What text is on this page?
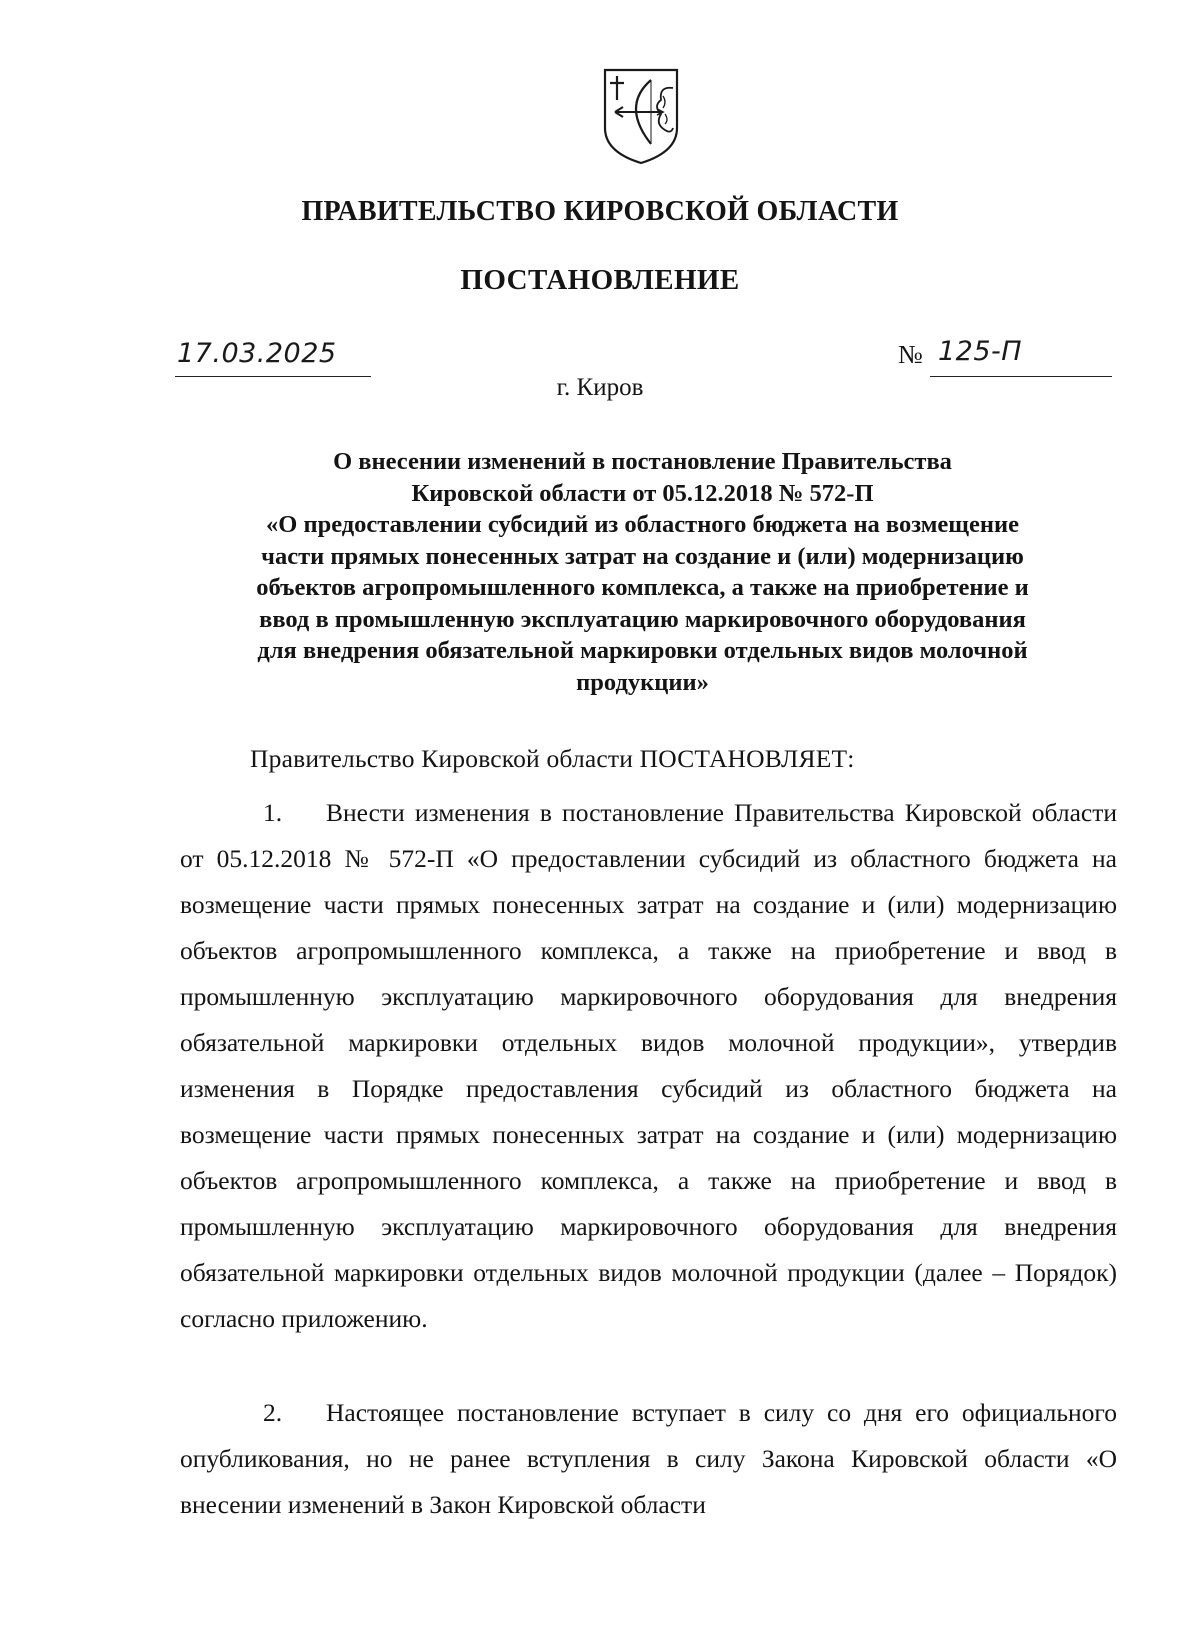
ПРАВИТЕЛЬСТВО КИРОВСКОЙ ОБЛАСТИ
ПОСТАНОВЛЕНИЕ
17.03.2025	№ 125-П
г. Киров
О внесении изменений в постановление Правительства
Кировской области от 05.12.2018 № 572-П
«О предоставлении субсидий из областного бюджета на возмещение
части прямых понесенных затрат на создание и (или) модернизацию
объектов агропромышленного комплекса, а также на приобретение и
ввод в промышленную эксплуатацию маркировочного оборудования
для внедрения обязательной маркировки отдельных видов молочной
продукции»
Правительство Кировской области ПОСТАНОВЛЯЕТ:

1. Внести изменения в постановление Правительства Кировской области от 05.12.2018 № 572-П «О предоставлении субсидий из областного бюджета на возмещение части прямых понесенных затрат на создание и (или) модернизацию объектов агропромышленного комплекса, а также на приобретение и ввод в промышленную эксплуатацию маркировочного оборудования для внедрения обязательной маркировки отдельных видов молочной продукции», утвердив изменения в Порядке предоставления субсидий из областного бюджета на возмещение части прямых понесенных затрат на создание и (или) модернизацию объектов агропромышленного комплекса, а также на приобретение и ввод в промышленную эксплуатацию маркировочного оборудования для внедрения обязательной маркировки отдельных видов молочной продукции (далее – Порядок) согласно приложению.

2. Настоящее постановление вступает в силу со дня его официального опубликования, но не ранее вступления в силу Закона Кировской области «О внесении изменений в Закон Кировской области
